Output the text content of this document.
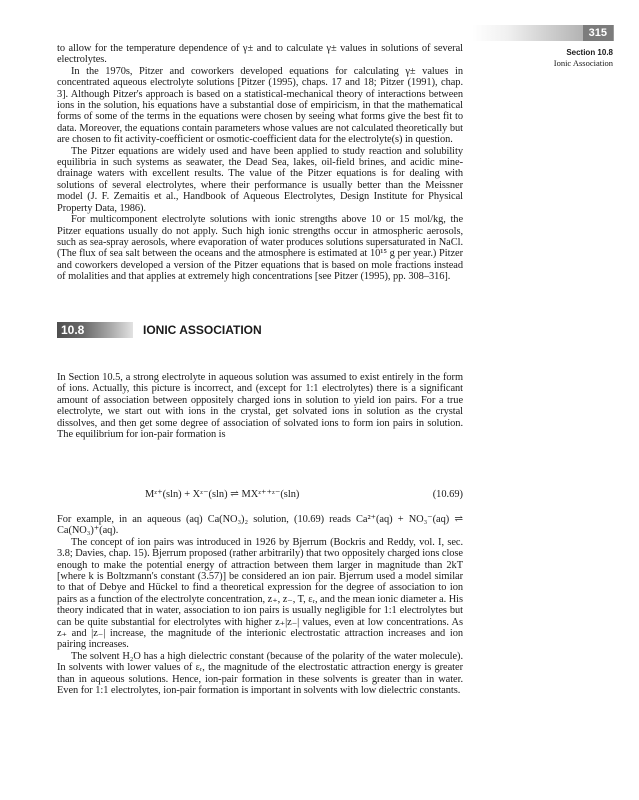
315
Section 10.8
Ionic Association

to allow for the temperature dependence of γ± and to calculate γ± values in solutions of several electrolytes.

In the 1970s, Pitzer and coworkers developed equations for calculating γ± values in concentrated aqueous electrolyte solutions [Pitzer (1995), chaps. 17 and 18; Pitzer (1991), chap. 3]. Although Pitzer's approach is based on a statistical-mechanical theory of interactions between ions in the solution, his equations have a substantial dose of empiricism, in that the mathematical forms of some of the terms in the equations were chosen by seeing what forms give the best fit to data. Moreover, the equations contain parameters whose values are not calculated theoretically but are chosen to fit activity-coefficient or osmotic-coefficient data for the electrolyte(s) in question.

The Pitzer equations are widely used and have been applied to study reaction and solubility equilibria in such systems as seawater, the Dead Sea, lakes, oil-field brines, and acidic mine-drainage waters with excellent results. The value of the Pitzer equations is for dealing with solutions of several electrolytes, where their performance is usually better than the Meissner model (J. F. Zemaitis et al., Handbook of Aqueous Electrolytes, Design Institute for Physical Property Data, 1986).

For multicomponent electrolyte solutions with ionic strengths above 10 or 15 mol/kg, the Pitzer equations usually do not apply. Such high ionic strengths occur in atmospheric aerosols, such as sea-spray aerosols, where evaporation of water produces solutions supersaturated in NaCl. (The flux of sea salt between the oceans and the atmosphere is estimated at 10¹⁵ g per year.) Pitzer and coworkers developed a version of the Pitzer equations that is based on mole fractions instead of molalities and that applies at extremely high concentrations [see Pitzer (1995), pp. 308–316].

10.8	IONIC ASSOCIATION

In Section 10.5, a strong electrolyte in aqueous solution was assumed to exist entirely in the form of ions. Actually, this picture is incorrect, and (except for 1:1 electrolytes) there is a significant amount of association between oppositely charged ions in solution to yield ion pairs. For a true electrolyte, we start out with ions in the crystal, get solvated ions in solution as the crystal dissolves, and then get some degree of association of solvated ions to form ion pairs in solution. The equilibrium for ion-pair formation is

Mᶻ⁺(sln) + Xᶻ⁻(sln) ⇌ MXᶻ⁺⁺ᶻ⁻(sln)	(10.69)

For example, in an aqueous (aq) Ca(NO₃)₂ solution, (10.69) reads Ca²⁺(aq) + NO₃⁻(aq) ⇌ Ca(NO₃)⁺(aq).

The concept of ion pairs was introduced in 1926 by Bjerrum (Bockris and Reddy, vol. I, sec. 3.8; Davies, chap. 15). Bjerrum proposed (rather arbitrarily) that two oppositely charged ions close enough to make the potential energy of attraction between them larger in magnitude than 2kT [where k is Boltzmann's constant (3.57)] be considered an ion pair. Bjerrum used a model similar to that of Debye and Hückel to find a theoretical expression for the degree of association to ion pairs as a function of the electrolyte concentration, z₊, z₋, T, εᵣ, and the mean ionic diameter a. His theory indicated that in water, association to ion pairs is usually negligible for 1:1 electrolytes but can be quite substantial for electrolytes with higher z₊|z₋| values, even at low concentrations. As z₊ and |z₋| increase, the magnitude of the interionic electrostatic attraction increases and ion pairing increases.

The solvent H₂O has a high dielectric constant (because of the polarity of the water molecule). In solvents with lower values of εᵣ, the magnitude of the electrostatic attraction energy is greater than in aqueous solutions. Hence, ion-pair formation in these solvents is greater than in water. Even for 1:1 electrolytes, ion-pair formation is important in solvents with low dielectric constants.
